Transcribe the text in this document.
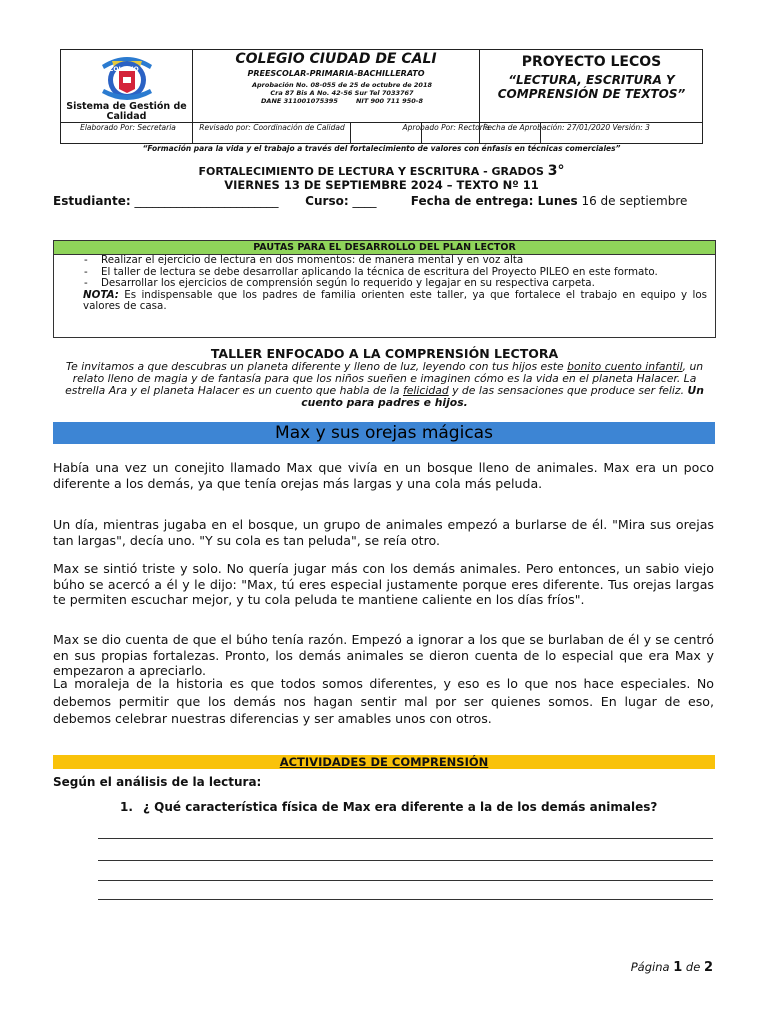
COLEGIO
Sistema de Gestión de Calidad
COLEGIO CIUDAD DE CALI
PREESCOLAR-PRIMARIA-BACHILLERATO
Aprobación No. 08-055 de 25 de octubre de 2018
Cra 87 Bis A No. 42-56 Sur Tel 7033767
DANE 311001075395        NIT 900 711 950-8
PROYECTO LECOS
“LECTURA, ESCRITURA Y COMPRENSIÓN DE TEXTOS”
Elaborado Por: Secretaria	Revisado por: Coordinación de Calidad	Aprobado Por: Rectoría
Fecha de Aprobación: 27/01/2020 Versión: 3
“Formación para la vida y el trabajo a través del fortalecimiento de valores con énfasis en técnicas comerciales”
FORTALECIMIENTO DE LECTURA Y ESCRITURA - GRADOS 3°
VIERNES 13 DE SEPTIEMBRE 2024 – TEXTO Nº 11
Estudiante: ________________________ Curso: ____	Fecha de entrega: Lunes 16 de septiembre
PAUTAS PARA EL DESARROLLO DEL PLAN LECTOR
-	Realizar el ejercicio de lectura en dos momentos: de manera mental y en voz alta
-	El taller de lectura se debe desarrollar aplicando la técnica de escritura del Proyecto PILEO en este formato.
-	Desarrollar los ejercicios de comprensión según lo requerido y legajar en su respectiva carpeta.
NOTA: Es indispensable que los padres de familia orienten este taller, ya que fortalece el trabajo en equipo y los valores de casa.
TALLER ENFOCADO A LA COMPRENSIÓN LECTORA
Te invitamos a que descubras un planeta diferente y lleno de luz, leyendo con tus hijos este bonito cuento infantil, un relato lleno de magia y de fantasía para que los niños sueñen e imaginen cómo es la vida en el planeta Halacer. La estrella Ara y el planeta Halacer es un cuento que habla de la felicidad y de las sensaciones que produce ser feliz. Un cuento para padres e hijos.
Max y sus orejas mágicas
Había una vez un conejito llamado Max que vivía en un bosque lleno de animales. Max era un poco diferente a los demás, ya que tenía orejas más largas y una cola más peluda.
Un día, mientras jugaba en el bosque, un grupo de animales empezó a burlarse de él. "Mira sus orejas tan largas", decía uno. "Y su cola es tan peluda", se reía otro.
Max se sintió triste y solo. No quería jugar más con los demás animales. Pero entonces, un sabio viejo búho se acercó a él y le dijo: "Max, tú eres especial justamente porque eres diferente. Tus orejas largas te permiten escuchar mejor, y tu cola peluda te mantiene caliente en los días fríos".
Max se dio cuenta de que el búho tenía razón. Empezó a ignorar a los que se burlaban de él y se centró en sus propias fortalezas. Pronto, los demás animales se dieron cuenta de lo especial que era Max y empezaron a apreciarlo.
La moraleja de la historia es que todos somos diferentes, y eso es lo que nos hace especiales. No debemos permitir que los demás nos hagan sentir mal por ser quienes somos. En lugar de eso, debemos celebrar nuestras diferencias y ser amables unos con otros.
ACTIVIDADES DE COMPRENSIÓN
Según el análisis de la lectura:
1. ¿ Qué característica física de Max era diferente a la de los demás animales?
Página 1 de 2
